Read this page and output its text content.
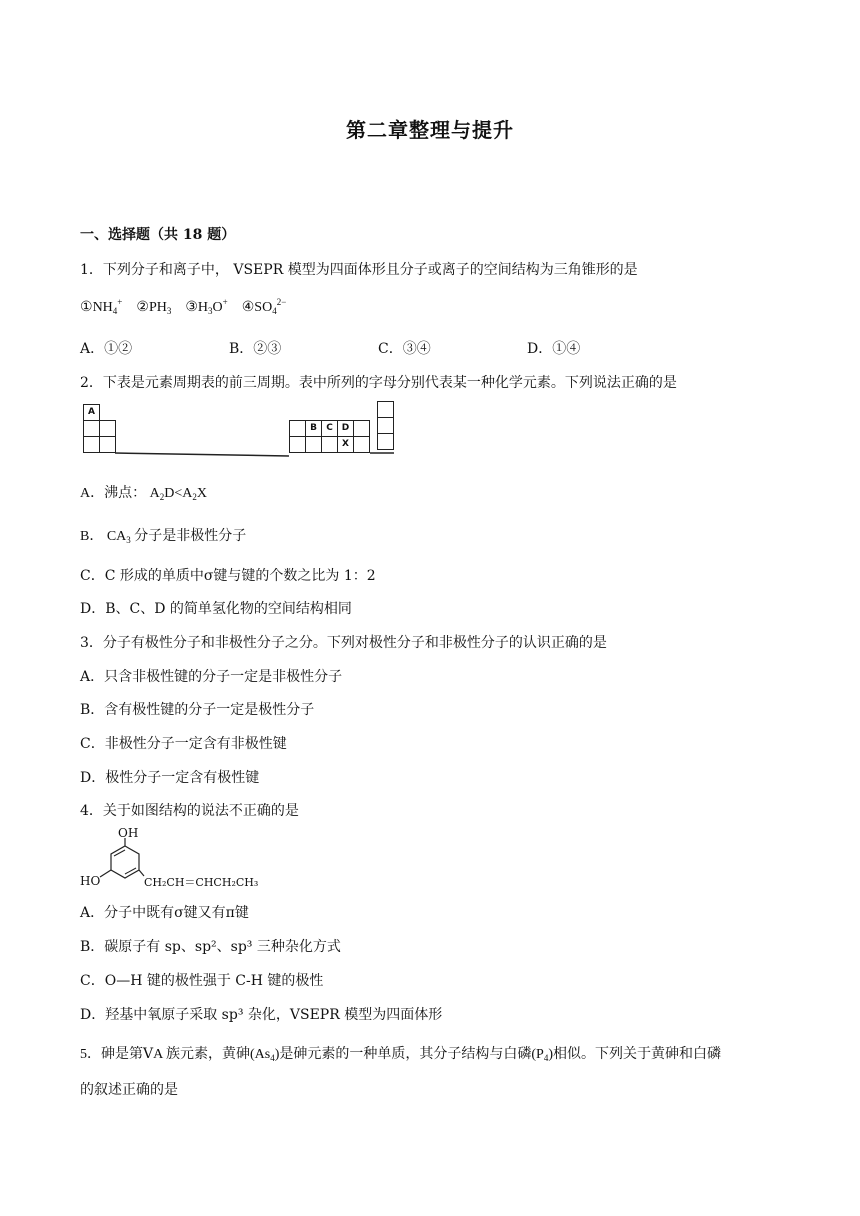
第二章整理与提升
一、选择题（共 18 题）
1．下列分子和离子中， VSEPR 模型为四面体形且分子或离子的空间结构为三角锥形的是
$①NH_4^+$ $②PH_3$ $③H_3O^+$ $④SO_4^{2-}$
A．①②	B．②③	C．③④	D．①④
2．下表是元素周期表的前三周期。表中所列的字母分别代表某一种化学元素。下列说法正确的是
A
B	C D
X
A．沸点： $A_2D<A_2X$
B． $CA_3$ 分子是非极性分子
C．C 形成的单质中σ键与键的个数之比为 1：2
D．B、C、D 的简单氢化物的空间结构相同
3．分子有极性分子和非极性分子之分。下列对极性分子和非极性分子的认识正确的是
A．只含非极性键的分子一定是非极性分子
B．含有极性键的分子一定是极性分子
C．非极性分子一定含有非极性键
D．极性分子一定含有极性键
4．关于如图结构的说法不正确的是
OH
HO	CH₂CH＝CHCH₂CH₃
A．分子中既有σ键又有π键
B．碳原子有 sp、sp²、sp³ 三种杂化方式
C．O—H 键的极性强于 C-H 键的极性
D．羟基中氧原子采取 sp³ 杂化，VSEPR 模型为四面体形
5．砷是第ⅤA 族元素，黄砷$(As_4)$是砷元素的一种单质，其分子结构与白磷$(P_4)$相似。下列关于黄砷和白磷
的叙述正确的是
